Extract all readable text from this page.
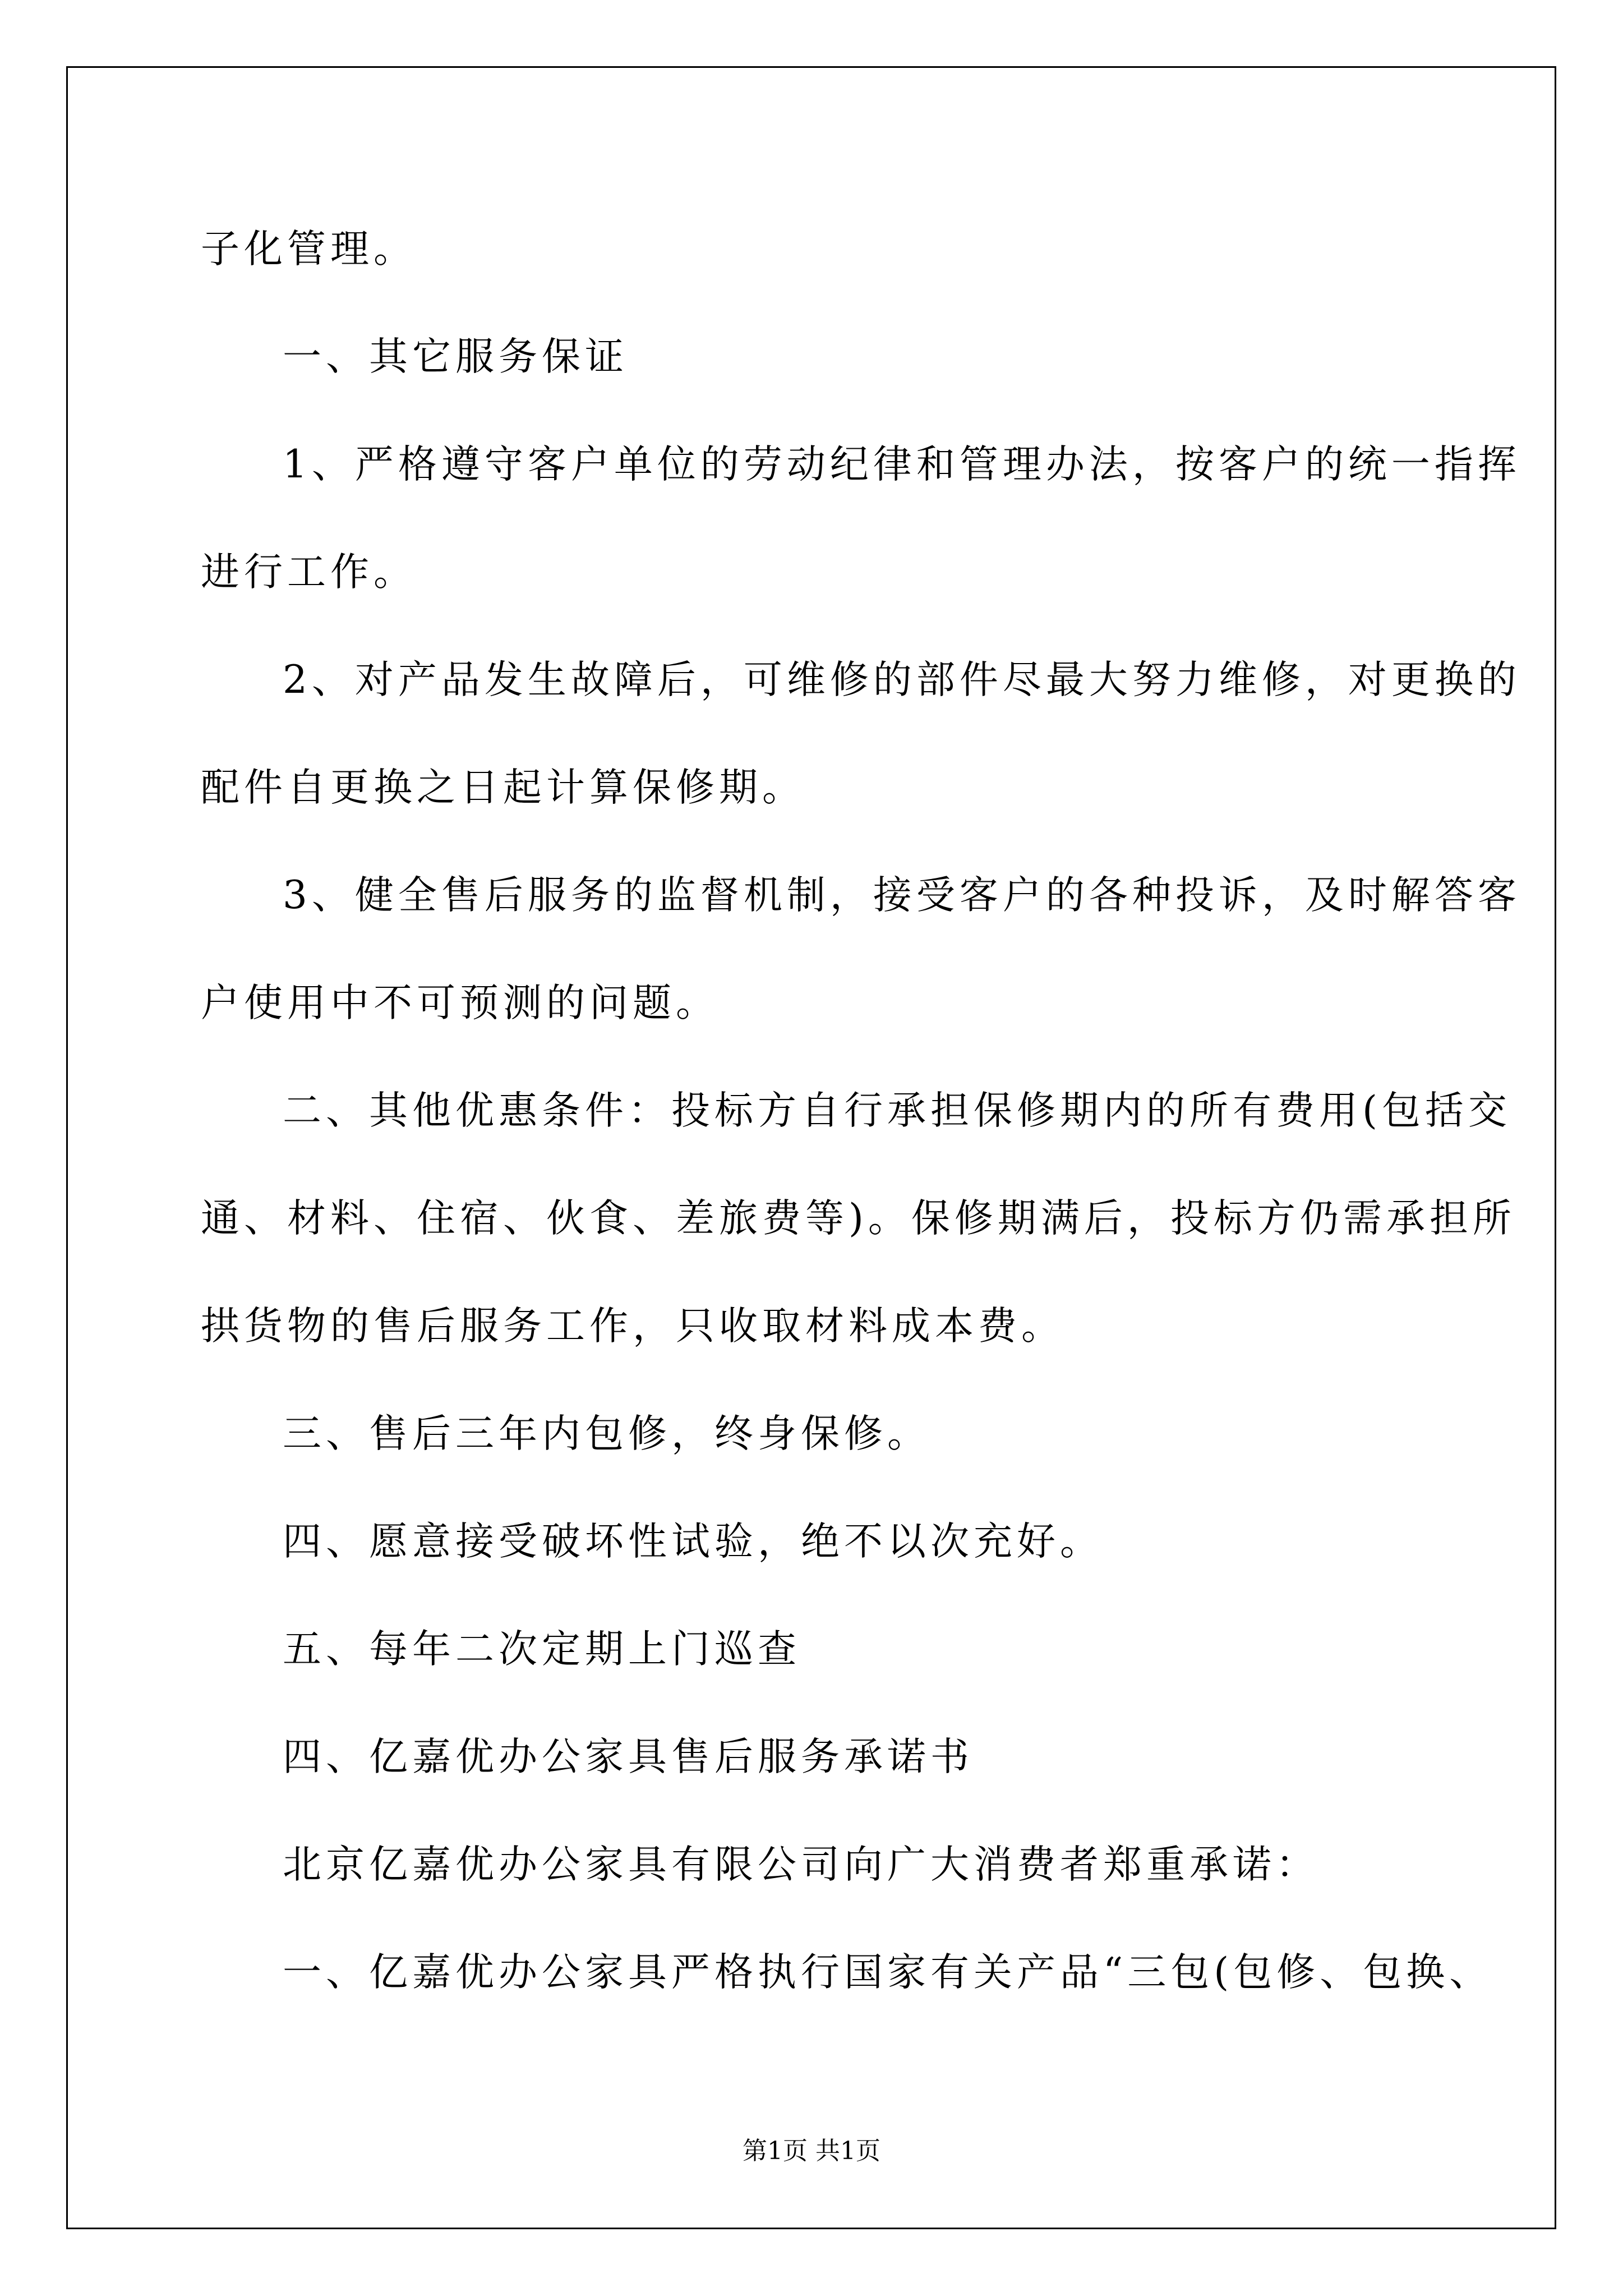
子化管理。
一、其它服务保证
1、严格遵守客户单位的劳动纪律和管理办法，按客户的统一指挥
进行工作。
2、对产品发生故障后，可维修的部件尽最大努力维修，对更换的
配件自更换之日起计算保修期。
3、健全售后服务的监督机制，接受客户的各种投诉，及时解答客
户使用中不可预测的问题。
二、其他优惠条件：投标方自行承担保修期内的所有费用(包括交
通、材料、住宿、伙食、差旅费等)。保修期满后，投标方仍需承担所
拱货物的售后服务工作，只收取材料成本费。
三、售后三年内包修，终身保修。
四、愿意接受破坏性试验，绝不以次充好。
五、每年二次定期上门巡查
四、亿嘉优办公家具售后服务承诺书
北京亿嘉优办公家具有限公司向广大消费者郑重承诺：
一、亿嘉优办公家具严格执行国家有关产品“三包(包修、包换、
第1页 共1页
